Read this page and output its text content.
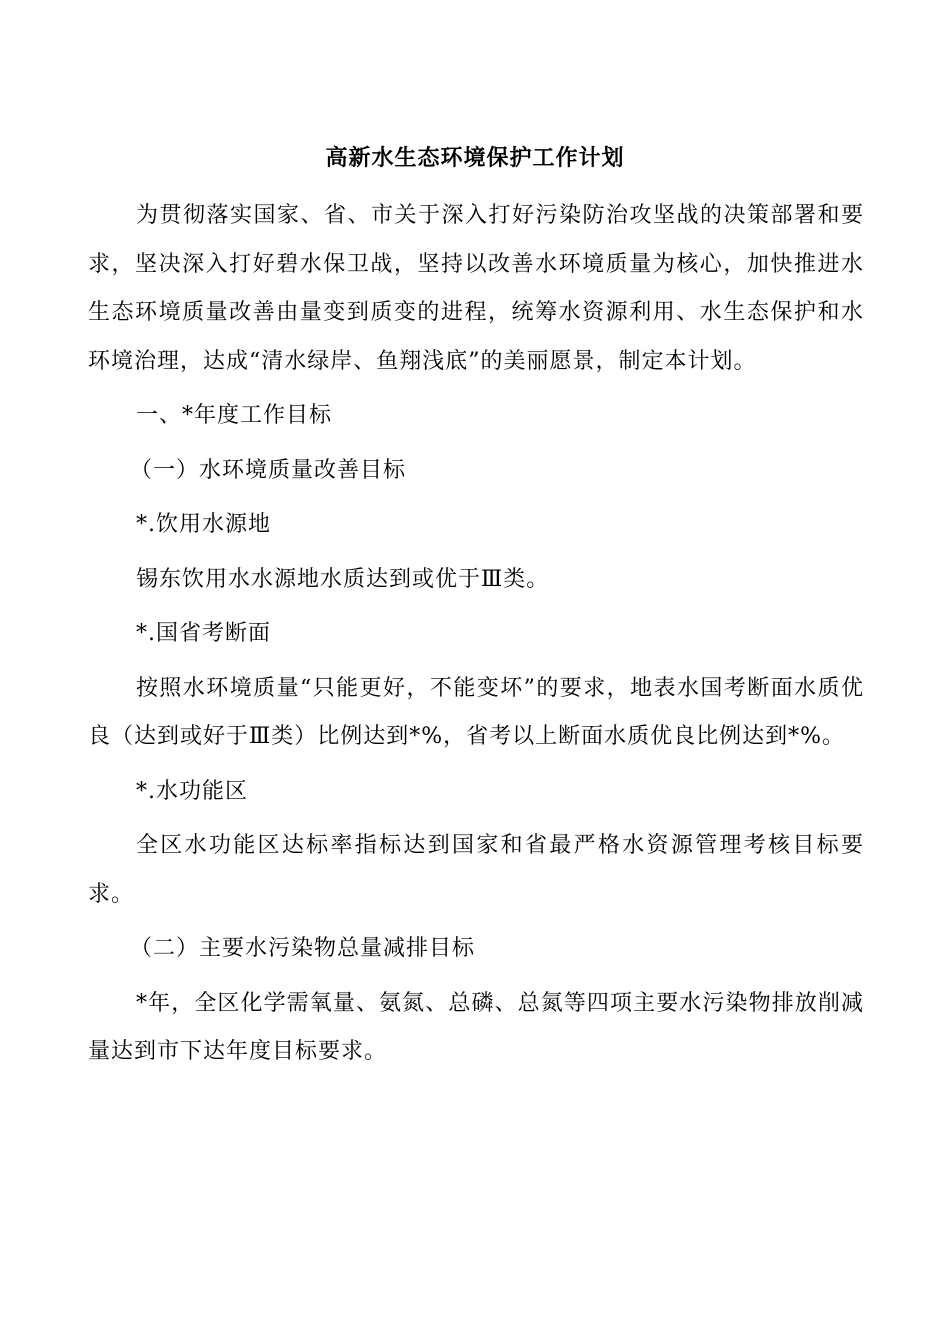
高新水生态环境保护工作计划

为贯彻落实国家、省、市关于深入打好污染防治攻坚战的决策部署和要求，坚决深入打好碧水保卫战，坚持以改善水环境质量为核心，加快推进水生态环境质量改善由量变到质变的进程，统筹水资源利用、水生态保护和水环境治理，达成“清水绿岸、鱼翔浅底”的美丽愿景，制定本计划。

一、*年度工作目标

（一）水环境质量改善目标

*.饮用水源地

锡东饮用水水源地水质达到或优于Ⅲ类。

*.国省考断面

按照水环境质量“只能更好，不能变坏”的要求，地表水国考断面水质优良（达到或好于Ⅲ类）比例达到*%，省考以上断面水质优良比例达到*%。

*.水功能区

全区水功能区达标率指标达到国家和省最严格水资源管理考核目标要求。

（二）主要水污染物总量减排目标

*年，全区化学需氧量、氨氮、总磷、总氮等四项主要水污染物排放削减量达到市下达年度目标要求。
